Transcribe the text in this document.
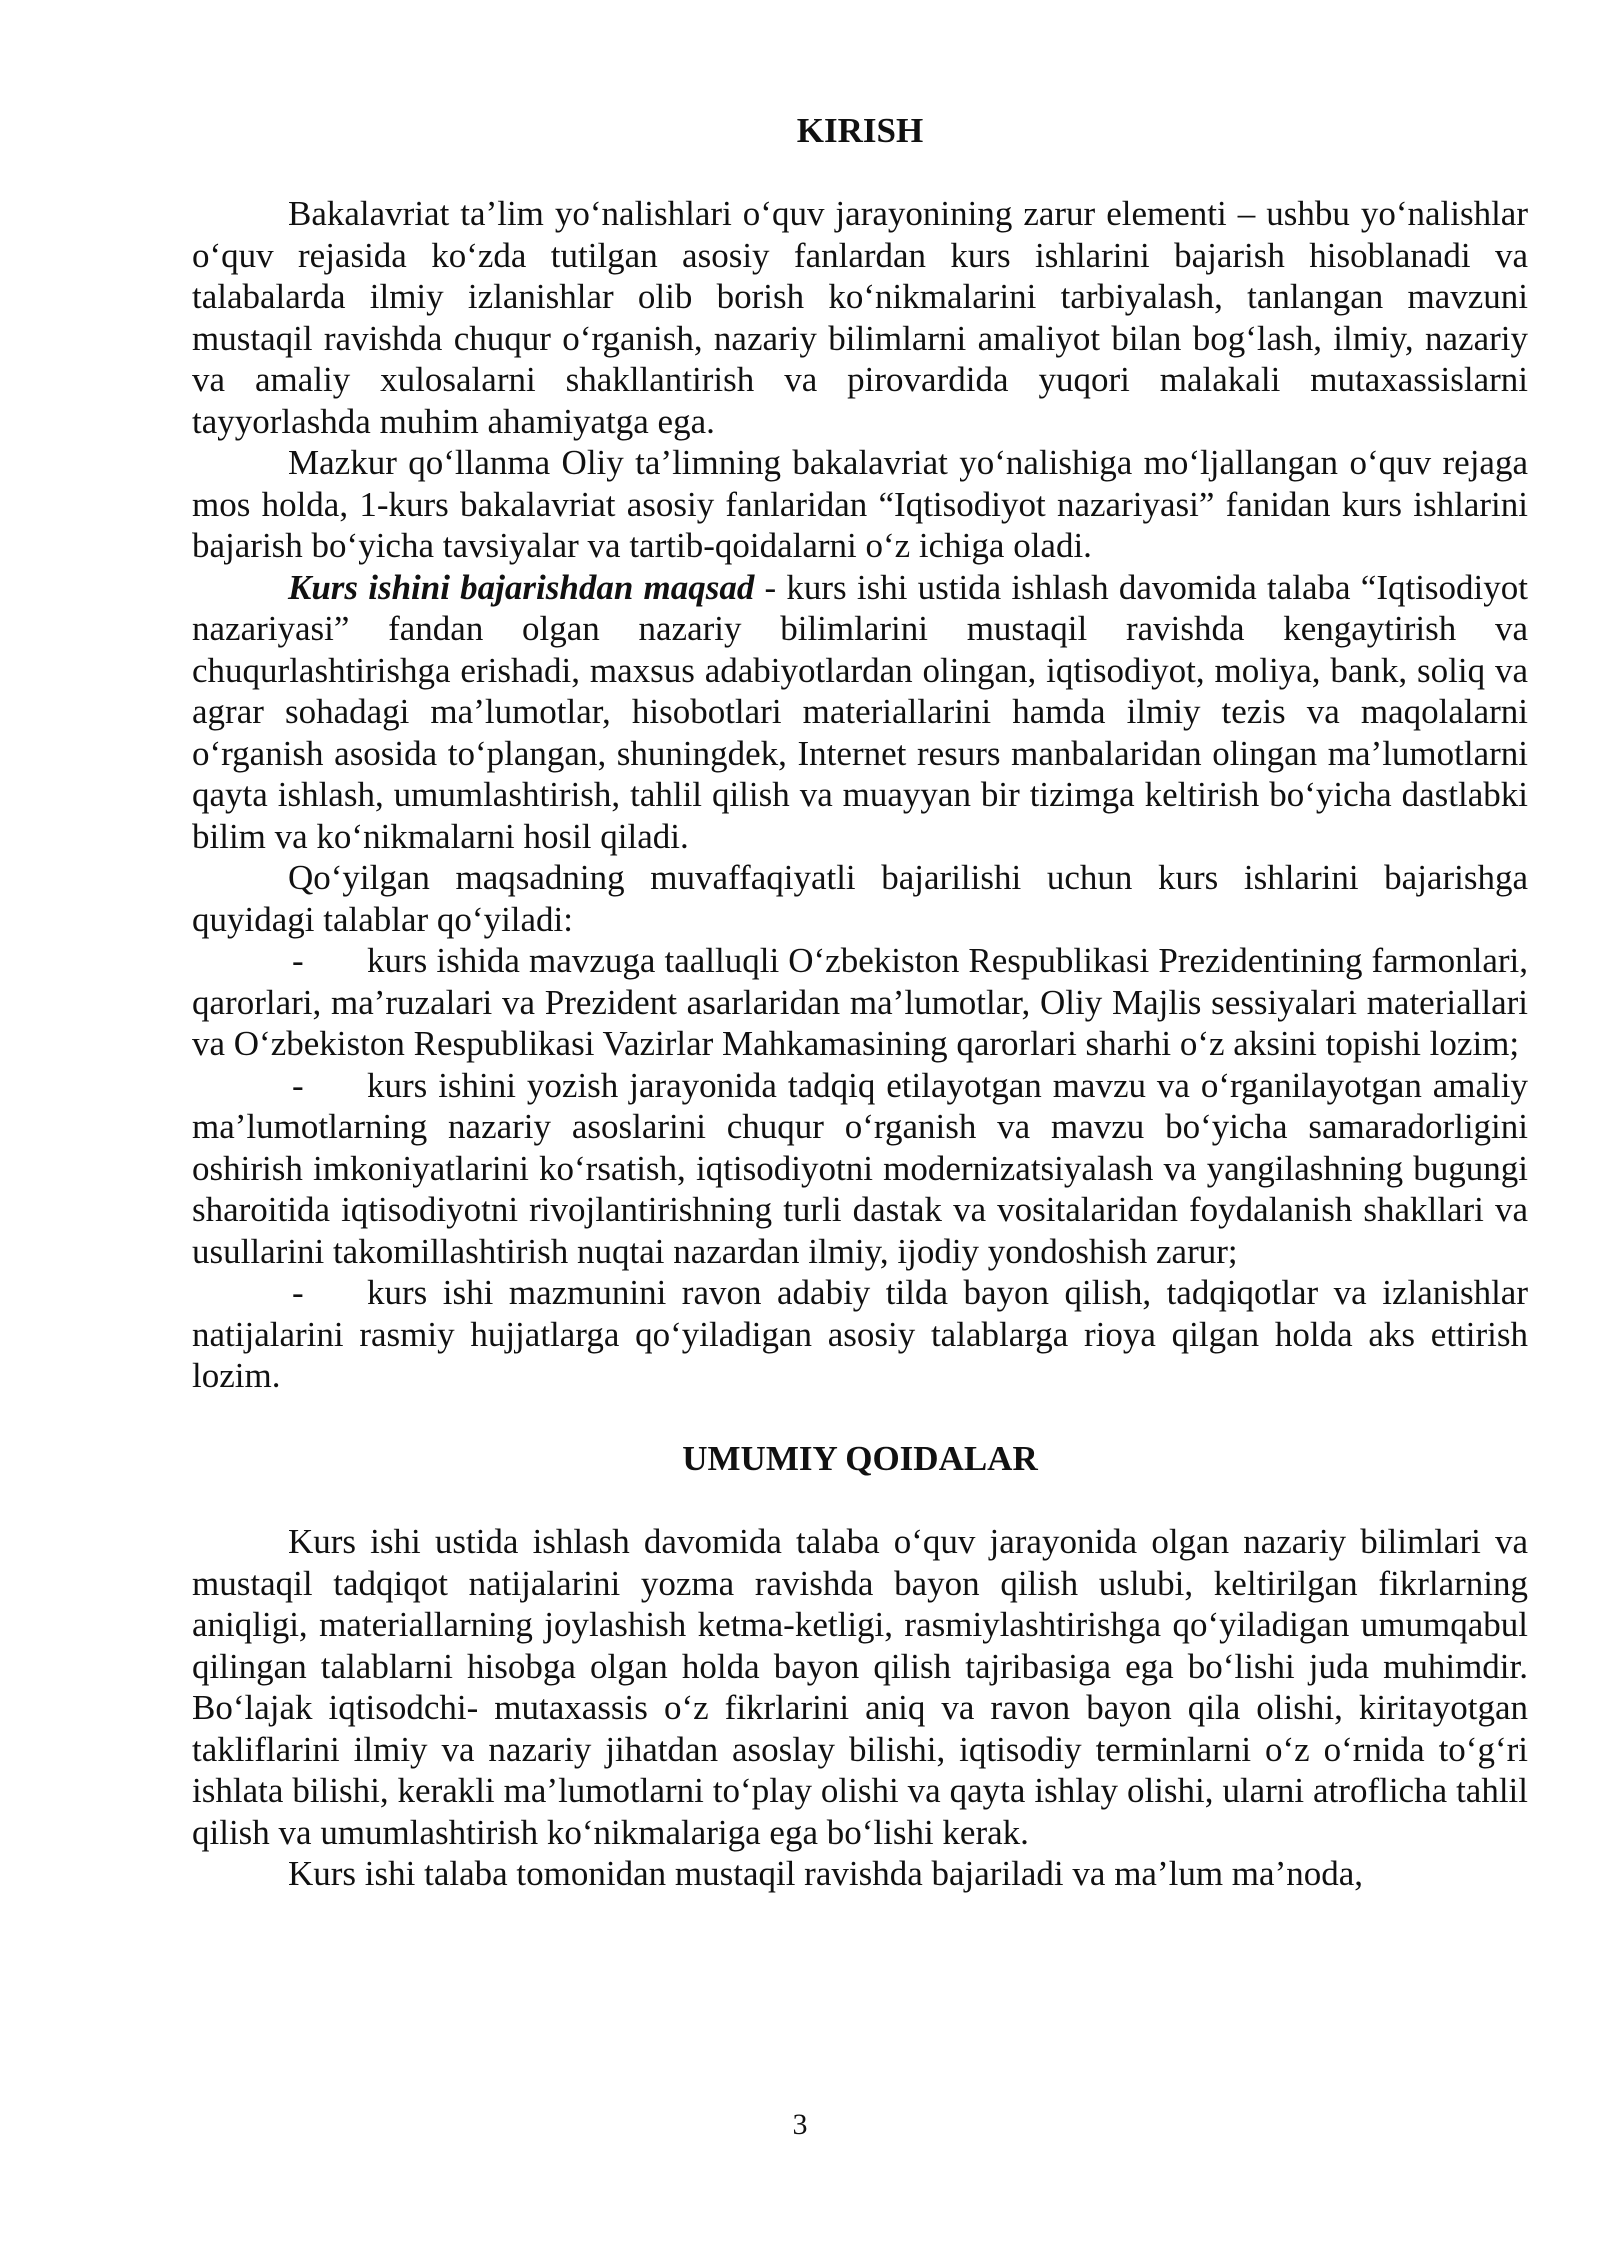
KIRISH

Bakalavriat ta’lim yo‘nalishlari o‘quv jarayonining zarur elementi – ushbu yo‘nalishlar o‘quv rejasida ko‘zda tutilgan asosiy fanlardan kurs ishlarini bajarish hisoblanadi va talabalarda ilmiy izlanishlar olib borish ko‘nikmalarini tarbiyalash, tanlangan mavzuni mustaqil ravishda chuqur o‘rganish, nazariy bilimlarni amaliyot bilan bog‘lash, ilmiy, nazariy va amaliy xulosalarni shakllantirish va pirovardida yuqori malakali mutaxassislarni tayyorlashda muhim ahamiyatga ega.

Mazkur qo‘llanma Oliy ta’limning bakalavriat yo‘nalishiga mo‘ljallangan o‘quv rejaga mos holda, 1-kurs bakalavriat asosiy fanlaridan “Iqtisodiyot nazariyasi” fanidan kurs ishlarini bajarish bo‘yicha tavsiyalar va tartib-qoidalarni o‘z ichiga oladi.

Kurs ishini bajarishdan maqsad - kurs ishi ustida ishlash davomida talaba “Iqtisodiyot nazariyasi” fandan olgan nazariy bilimlarini mustaqil ravishda kengaytirish va chuqurlashtirishga erishadi, maxsus adabiyotlardan olingan, iqtisodiyot, moliya, bank, soliq va agrar sohadagi ma’lumotlar, hisobotlari materiallarini hamda ilmiy tezis va maqolalarni o‘rganish asosida to‘plangan, shuningdek, Internet resurs manbalaridan olingan ma’lumotlarni qayta ishlash, umumlashtirish, tahlil qilish va muayyan bir tizimga keltirish bo‘yicha dastlabki bilim va ko‘nikmalarni hosil qiladi.

Qo‘yilgan maqsadning muvaffaqiyatli bajarilishi uchun kurs ishlarini bajarishga quyidagi talablar qo‘yiladi:

- kurs ishida mavzuga taalluqli O‘zbekiston Respublikasi Prezidentining farmonlari, qarorlari, ma’ruzalari va Prezident asarlaridan ma’lumotlar, Oliy Majlis sessiyalari materiallari va O‘zbekiston Respublikasi Vazirlar Mahkamasining qarorlari sharhi o‘z aksini topishi lozim;

- kurs ishini yozish jarayonida tadqiq etilayotgan mavzu va o‘rganilayotgan amaliy ma’lumotlarning nazariy asoslarini chuqur o‘rganish va mavzu bo‘yicha samaradorligini oshirish imkoniyatlarini ko‘rsatish, iqtisodiyotni modernizatsiyalash va yangilashning bugungi sharoitida iqtisodiyotni rivojlantirishning turli dastak va vositalaridan foydalanish shakllari va usullarini takomillashtirish nuqtai nazardan ilmiy, ijodiy yondoshish zarur;

- kurs ishi mazmunini ravon adabiy tilda bayon qilish, tadqiqotlar va izlanishlar natijalarini rasmiy hujjatlarga qo‘yiladigan asosiy talablarga rioya qilgan holda aks ettirish lozim.

UMUMIY QOIDALAR

Kurs ishi ustida ishlash davomida talaba o‘quv jarayonida olgan nazariy bilimlari va mustaqil tadqiqot natijalarini yozma ravishda bayon qilish uslubi, keltirilgan fikrlarning aniqligi, materiallarning joylashish ketma-ketligi, rasmiylashtirishga qo‘yiladigan umumqabul qilingan talablarni hisobga olgan holda bayon qilish tajribasiga ega bo‘lishi juda muhimdir. Bo‘lajak iqtisodchi- mutaxassis o‘z fikrlarini aniq va ravon bayon qila olishi, kiritayotgan takliflarini ilmiy va nazariy jihatdan asoslay bilishi, iqtisodiy terminlarni o‘z o‘rnida to‘g‘ri ishlata bilishi, kerakli ma’lumotlarni to‘play olishi va qayta ishlay olishi, ularni atroflicha tahlil qilish va umumlashtirish ko‘nikmalariga ega bo‘lishi kerak.

Kurs ishi talaba tomonidan mustaqil ravishda bajariladi va ma’lum ma’noda,

3
